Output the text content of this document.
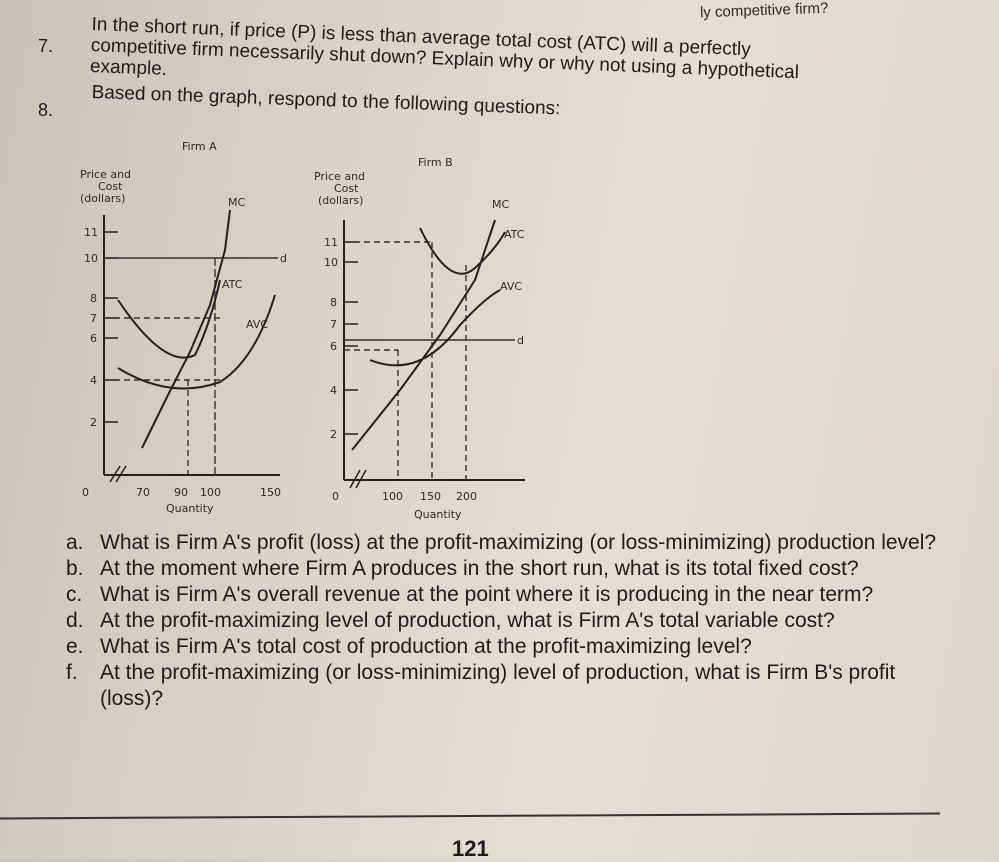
ly competitive firm?
7. In the short run, if price (P) is less than average total cost (ATC) will a perfectly competitive firm necessarily shut down? Explain why or why not using a hypothetical example.
8. Based on the graph, respond to the following questions:
Firm A
Price and
Cost
(dollars)
11
10
8
7
6
4
2
d
MC
ATC
AVC
0	70 90 100	150
Quantity
Firm B
Price and
Cost
(dollars)
11
10
8
7
6
4
2
d
MC
ATC
AVC
0	100 150 200
Quantity
a. What is Firm A's profit (loss) at the profit-maximizing (or loss-minimizing) production level?
b. At the moment where Firm A produces in the short run, what is its total fixed cost?
c. What is Firm A's overall revenue at the point where it is producing in the near term?
d. At the profit-maximizing level of production, what is Firm A's total variable cost?
e. What is Firm A's total cost of production at the profit-maximizing level?
f.	At the profit-maximizing (or loss-minimizing) level of production, what is Firm B's profit (loss)?
121
